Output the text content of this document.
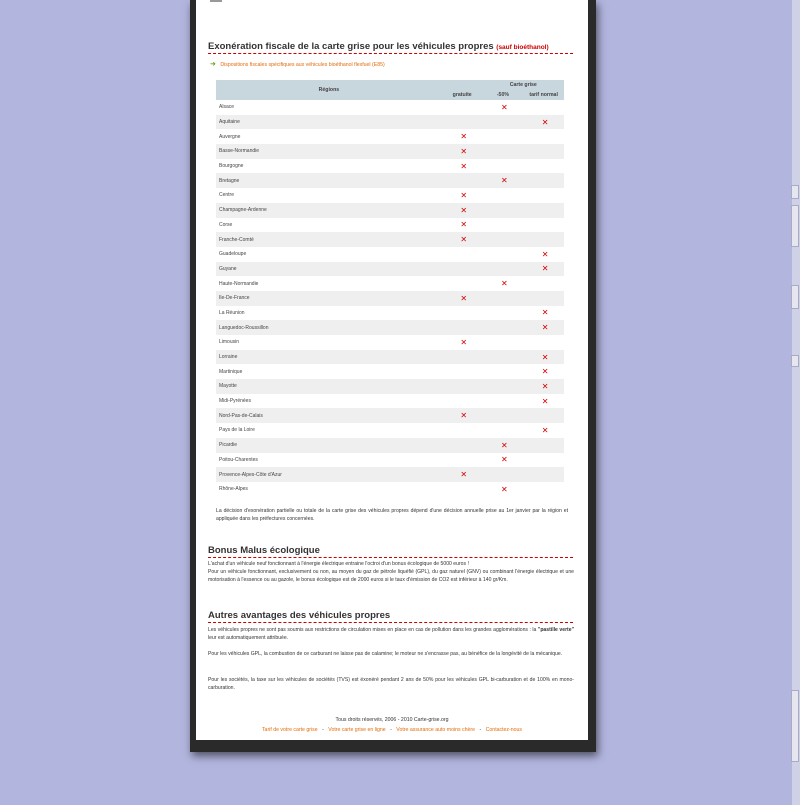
Exonération fiscale de la carte grise pour les véhicules propres (sauf bioéthanol)
➜ Dispositions fiscales spécifiques aux véhicules bioéthanol flexfuel (E85)
Régions		Carte grise	
	gratuite	-50%	tarif normal
Alsace		✕	
Aquitaine			✕
Auvergne	✕		
Basse-Normandie	✕		
Bourgogne	✕		
Bretagne		✕	
Centre	✕		
Champagne-Ardenne	✕		
Corse	✕		
Franche-Comté	✕		
Guadeloupe			✕
Guyane			✕
Haute-Normandie		✕	
Ile-De-France	✕		
La Réunion			✕
Languedoc-Roussillon			✕
Limousin	✕		
Lorraine			✕
Martinique			✕
Mayotte			✕
Midi-Pyrénées			✕
Nord-Pas-de-Calais	✕		
Pays de la Loire			✕
Picardie		✕	
Poitou-Charentes		✕	
Provence-Alpes-Côte d'Azur	✕		
Rhône-Alpes		✕	
La décision d'exonération partielle ou totale de la carte grise des véhicules propres dépend d'une décision annuelle prise au 1er janvier par la région et appliquée dans les préfectures concernées.
Bonus Malus écologique
L'achat d'un véhicule neuf fonctionnant à l'énergie électrique entraine l'octroi d'un bonus écologique de 5000 euros !
Pour un véhicule fonctionnant, exclusivement ou non, au moyen du gaz de pétrole liquéfié (GPL), du gaz naturel (GNV) ou combinant l'énergie électrique et une motorisation à l'essence ou au gazole, le bonus écologique est de 2000 euros si le taux d'émission de CO2 est inférieur à 140 gr/Km.
Autres avantages des véhicules propres
Les véhicules propres ne sont pas soumis aux restrictions de circulation mises en place en cas de pollution dans les grandes agglomérations : la "pastille verte" leur est automatiquement attribuée.
Pour les véhicules GPL, la combustion de ce carburant ne laisse pas de calamine; le moteur ne s'encrasse pas, au bénéfice de la longévité de la mécanique.
Pour les sociétés, la taxe sur les véhicules de sociétés (TVS) est éxonéré pendant 2 ans de 50% pour les véhicules GPL bi-carburation et de 100% en mono-carburation.
Tous droits réservés, 2006 - 2010 Carte-grise.org
Tarif de votre carte grise - Votre carte grise en ligne - Votre assurance auto moins chère - Contactez-nous
